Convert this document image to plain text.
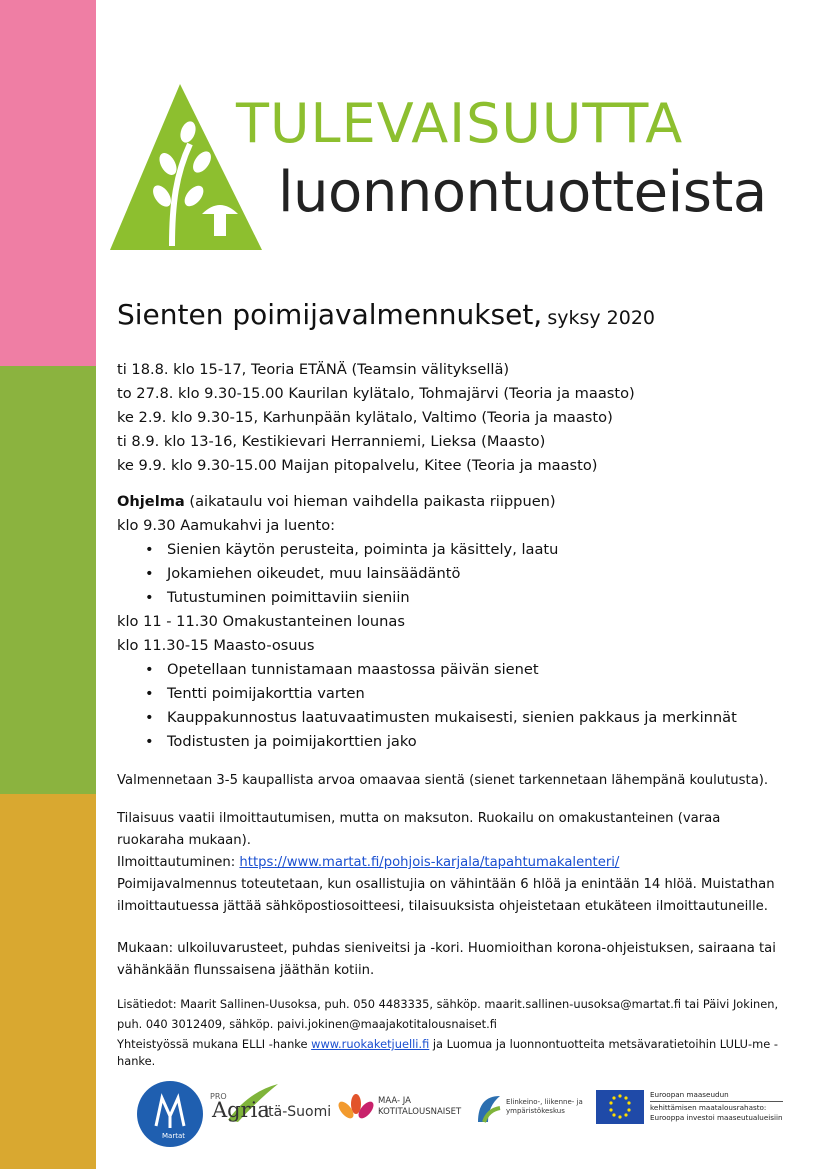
TULEVAISUUTTA
luonnontuotteista
Sienten poimijavalmennukset, syksy 2020
ti 18.8. klo 15-17, Teoria ETÄNÄ (Teamsin välityksellä)
to 27.8. klo 9.30-15.00 Kaurilan kylätalo, Tohmajärvi (Teoria ja maasto)
ke 2.9. klo 9.30-15, Karhunpään kylätalo, Valtimo (Teoria ja maasto)
ti 8.9. klo 13-16, Kestikievari Herranniemi, Lieksa (Maasto)
ke 9.9. klo 9.30-15.00 Maijan pitopalvelu, Kitee (Teoria ja maasto)
Ohjelma (aikataulu voi hieman vaihdella paikasta riippuen)
klo 9.30 Aamukahvi ja luento:
• Sienien käytön perusteita, poiminta ja käsittely, laatu
• Jokamiehen oikeudet, muu lainsäädäntö
• Tutustuminen poimittaviin sieniin
klo 11 - 11.30 Omakustanteinen lounas
klo 11.30-15 Maasto-osuus
• Opetellaan tunnistamaan maastossa päivän sienet
• Tentti poimijakorttia varten
• Kauppakunnostus laatuvaatimusten mukaisesti, sienien pakkaus ja merkinnät
• Todistusten ja poimijakorttien jako
Valmennetaan 3-5 kaupallista arvoa omaavaa sientä (sienet tarkennetaan lähempänä koulutusta).
Tilaisuus vaatii ilmoittautumisen, mutta on maksuton. Ruokailu on omakustanteinen (varaa ruokaraha mukaan).
Ilmoittautuminen: https://www.martat.fi/pohjois-karjala/tapahtumakalenteri/
Poimijavalmennus toteutetaan, kun osallistujia on vähintään 6 hlöä ja enintään 14 hlöä. Muistathan ilmoittautuessa jättää sähköpostiosoitteesi, tilaisuuksista ohjeistetaan etukäteen ilmoittautuneille.
Mukaan: ulkoiluvarusteet, puhdas sieniveitsi ja -kori. Huomioithan korona-ohjeistuksen, sairaana tai vähänkään flunssaisena jääthän kotiin.
Lisätiedot: Maarit Sallinen-Uusoksa, puh. 050 4483335, sähköp. maarit.sallinen-uusoksa@martat.fi tai Päivi Jokinen, puh. 040 3012409, sähköp. paivi.jokinen@maajakotitalousnaiset.fi
Yhteistyössä mukana ELLI -hanke www.ruokaketjuelli.fi ja Luomua ja luonnontuotteita metsävaratietoihin LULU-me -hanke.
Martat
PRO
Agria
Itä-Suomi
MAA- JA
KOTITALOUSNAISET
Elinkeino-, liikenne- ja
ympäristökeskus
Euroopan maaseudun
kehittämisen maatalousrahasto:
Eurooppa investoi maaseutualueisiin
